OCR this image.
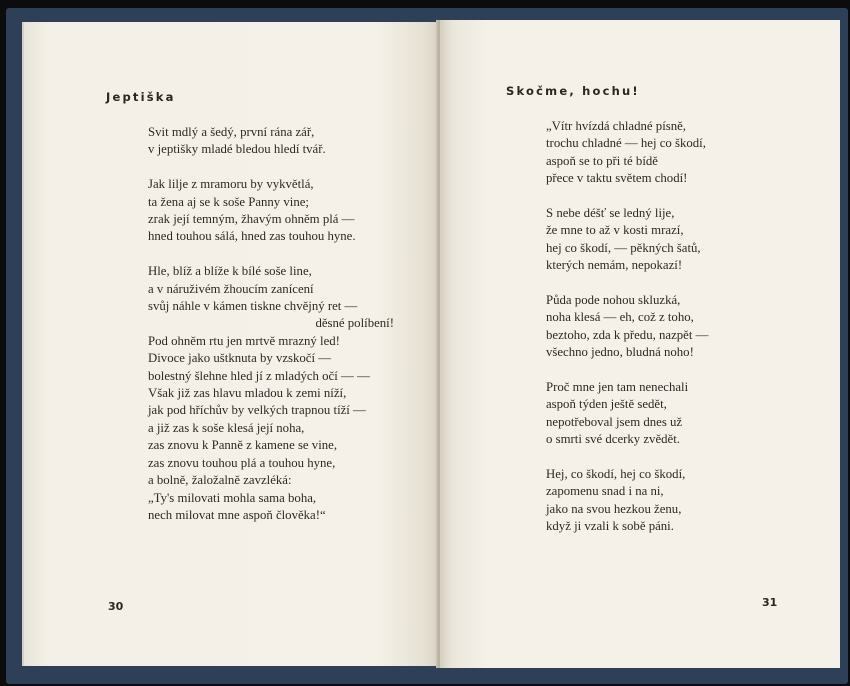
Jeptiška
Svit mdlý a šedý, první rána zář,
v jeptišky mladé bledou hledí tvář.
Jak lilje z mramoru by vykvětlá,
ta žena aj se k soše Panny vine;
zrak její temným, žhavým ohněm plá —
hned touhou sálá, hned zas touhou hyne.
Hle, blíž a blíže k bílé soše line,
a v náruživém žhoucím zanícení
svůj náhle v kámen tiskne chvějný ret —
děsné políbení!
Pod ohněm rtu jen mrtvě mrazný led!
Divoce jako uštknuta by vzskočí —
bolestný šlehne hled jí z mladých očí — —
Však již zas hlavu mladou k zemi níží,
jak pod hříchův by velkých trapnou tíží —
a již zas k soše klesá její noha,
zas znovu k Panně z kamene se vine,
zas znovu touhou plá a touhou hyne,
a bolně, žaložalně zavzléká:
„Ty's milovati mohla sama boha,
nech milovat mne aspoň člověka!“
30
Skočme, hochu!
„Vítr hvízdá chladné písně,
trochu chladné — hej co škodí,
aspoň se to při té bídě
přece v taktu světem chodí!
S nebe déšť se ledný lije,
že mne to až v kosti mrazí,
hej co škodí, — pěkných šatů,
kterých nemám, nepokazí!
Půda pode nohou skluzká,
noha klesá — eh, což z toho,
beztoho, zda k předu, nazpět —
všechno jedno, bludná noho!
Proč mne jen tam nenechali
aspoň týden ještě sedět,
nepotřeboval jsem dnes už
o smrti své dcerky zvědět.
Hej, co škodí, hej co škodí,
zapomenu snad i na ni,
jako na svou hezkou ženu,
když ji vzali k sobě páni.
31
